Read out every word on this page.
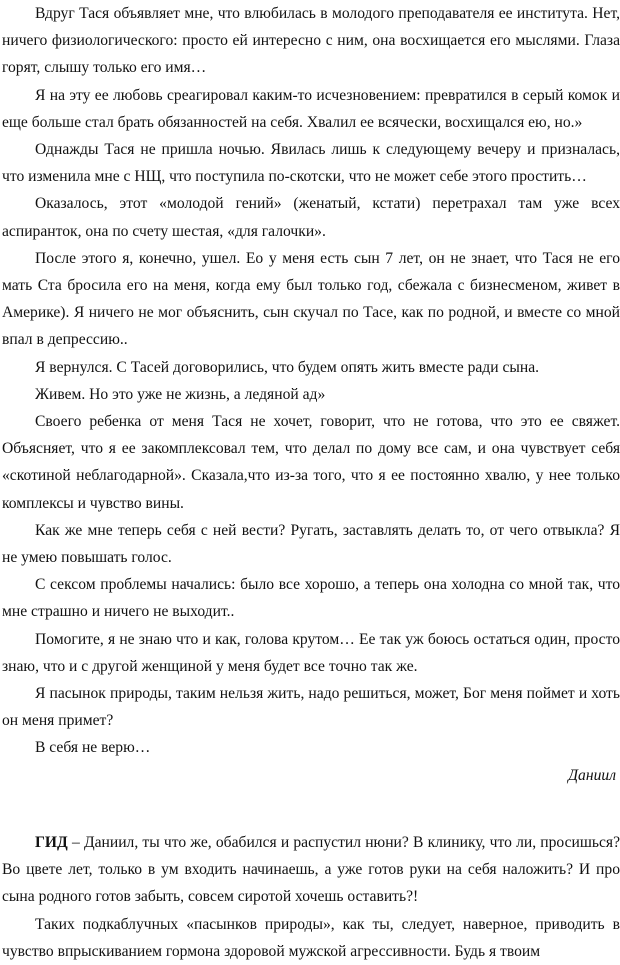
Вдруг Тася объявляет мне, что влюбилась в молодого преподавателя ее института. Нет, ничего физиологического: просто ей интересно с ним, она восхищается его мыслями. Глаза горят, слышу только его имя…

Я на эту ее любовь среагировал каким-то исчезновением: превратился в серый комок и еще больше стал брать обязанностей на себя. Хвалил ее всячески, восхищался ею, но.»

Однажды Тася не пришла ночью. Явилась лишь к следующему вечеру и призналась, что изменила мне с НЩ, что поступила по-скотски, что не может себе этого простить…

Оказалось, этот «молодой гений» (женатый, кстати) перетрахал там уже всех аспиранток, она по счету шестая, «для галочки».

После этого я, конечно, ушел. Ео у меня есть сын 7 лет, он не знает, что Тася не его мать Ста бросила его на меня, когда ему был только год, сбежала с бизнесменом, живет в Америке). Я ничего не мог объяснить, сын скучал по Тасе, как по родной, и вместе со мной впал в депрессию..

Я вернулся. С Тасей договорились, что будем опять жить вместе ради сына.

Живем. Но это уже не жизнь, а ледяной ад»

Своего ребенка от меня Тася не хочет, говорит, что не готова, что это ее свяжет. Объясняет, что я ее закомплексовал тем, что делал по дому все сам, и она чувствует себя «скотиной неблагодарной». Сказала,что из-за того, что я ее постоянно хвалю, у нее только комплексы и чувство вины.

Как же мне теперь себя с ней вести? Ругать, заставлять делать то, от чего отвыкла? Я не умею повышать голос.

С сексом проблемы начались: было все хорошо, а теперь она холодна со мной так, что мне страшно и ничего не выходит..

Помогите, я не знаю что и как, голова крутом… Ее так уж боюсь остаться один, просто знаю, что и с другой женщиной у меня будет все точно так же.

Я пасынок природы, таким нельзя жить, надо решиться, может, Бог меня поймет и хоть он меня примет?

В себя не верю…

Даниил

ГИД – Даниил, ты что же, обабился и распустил нюни? В клинику, что ли, просишься? Во цвете лет, только в ум входить начинаешь, а уже готов руки на себя наложить? И про сына родного готов забыть, совсем сиротой хочешь оставить?!

Таких подкаблучных «пасынков природы», как ты, следует, наверное, приводить в чувство впрыскиванием гормона здоровой мужской агрессивности. Будь я твоим
